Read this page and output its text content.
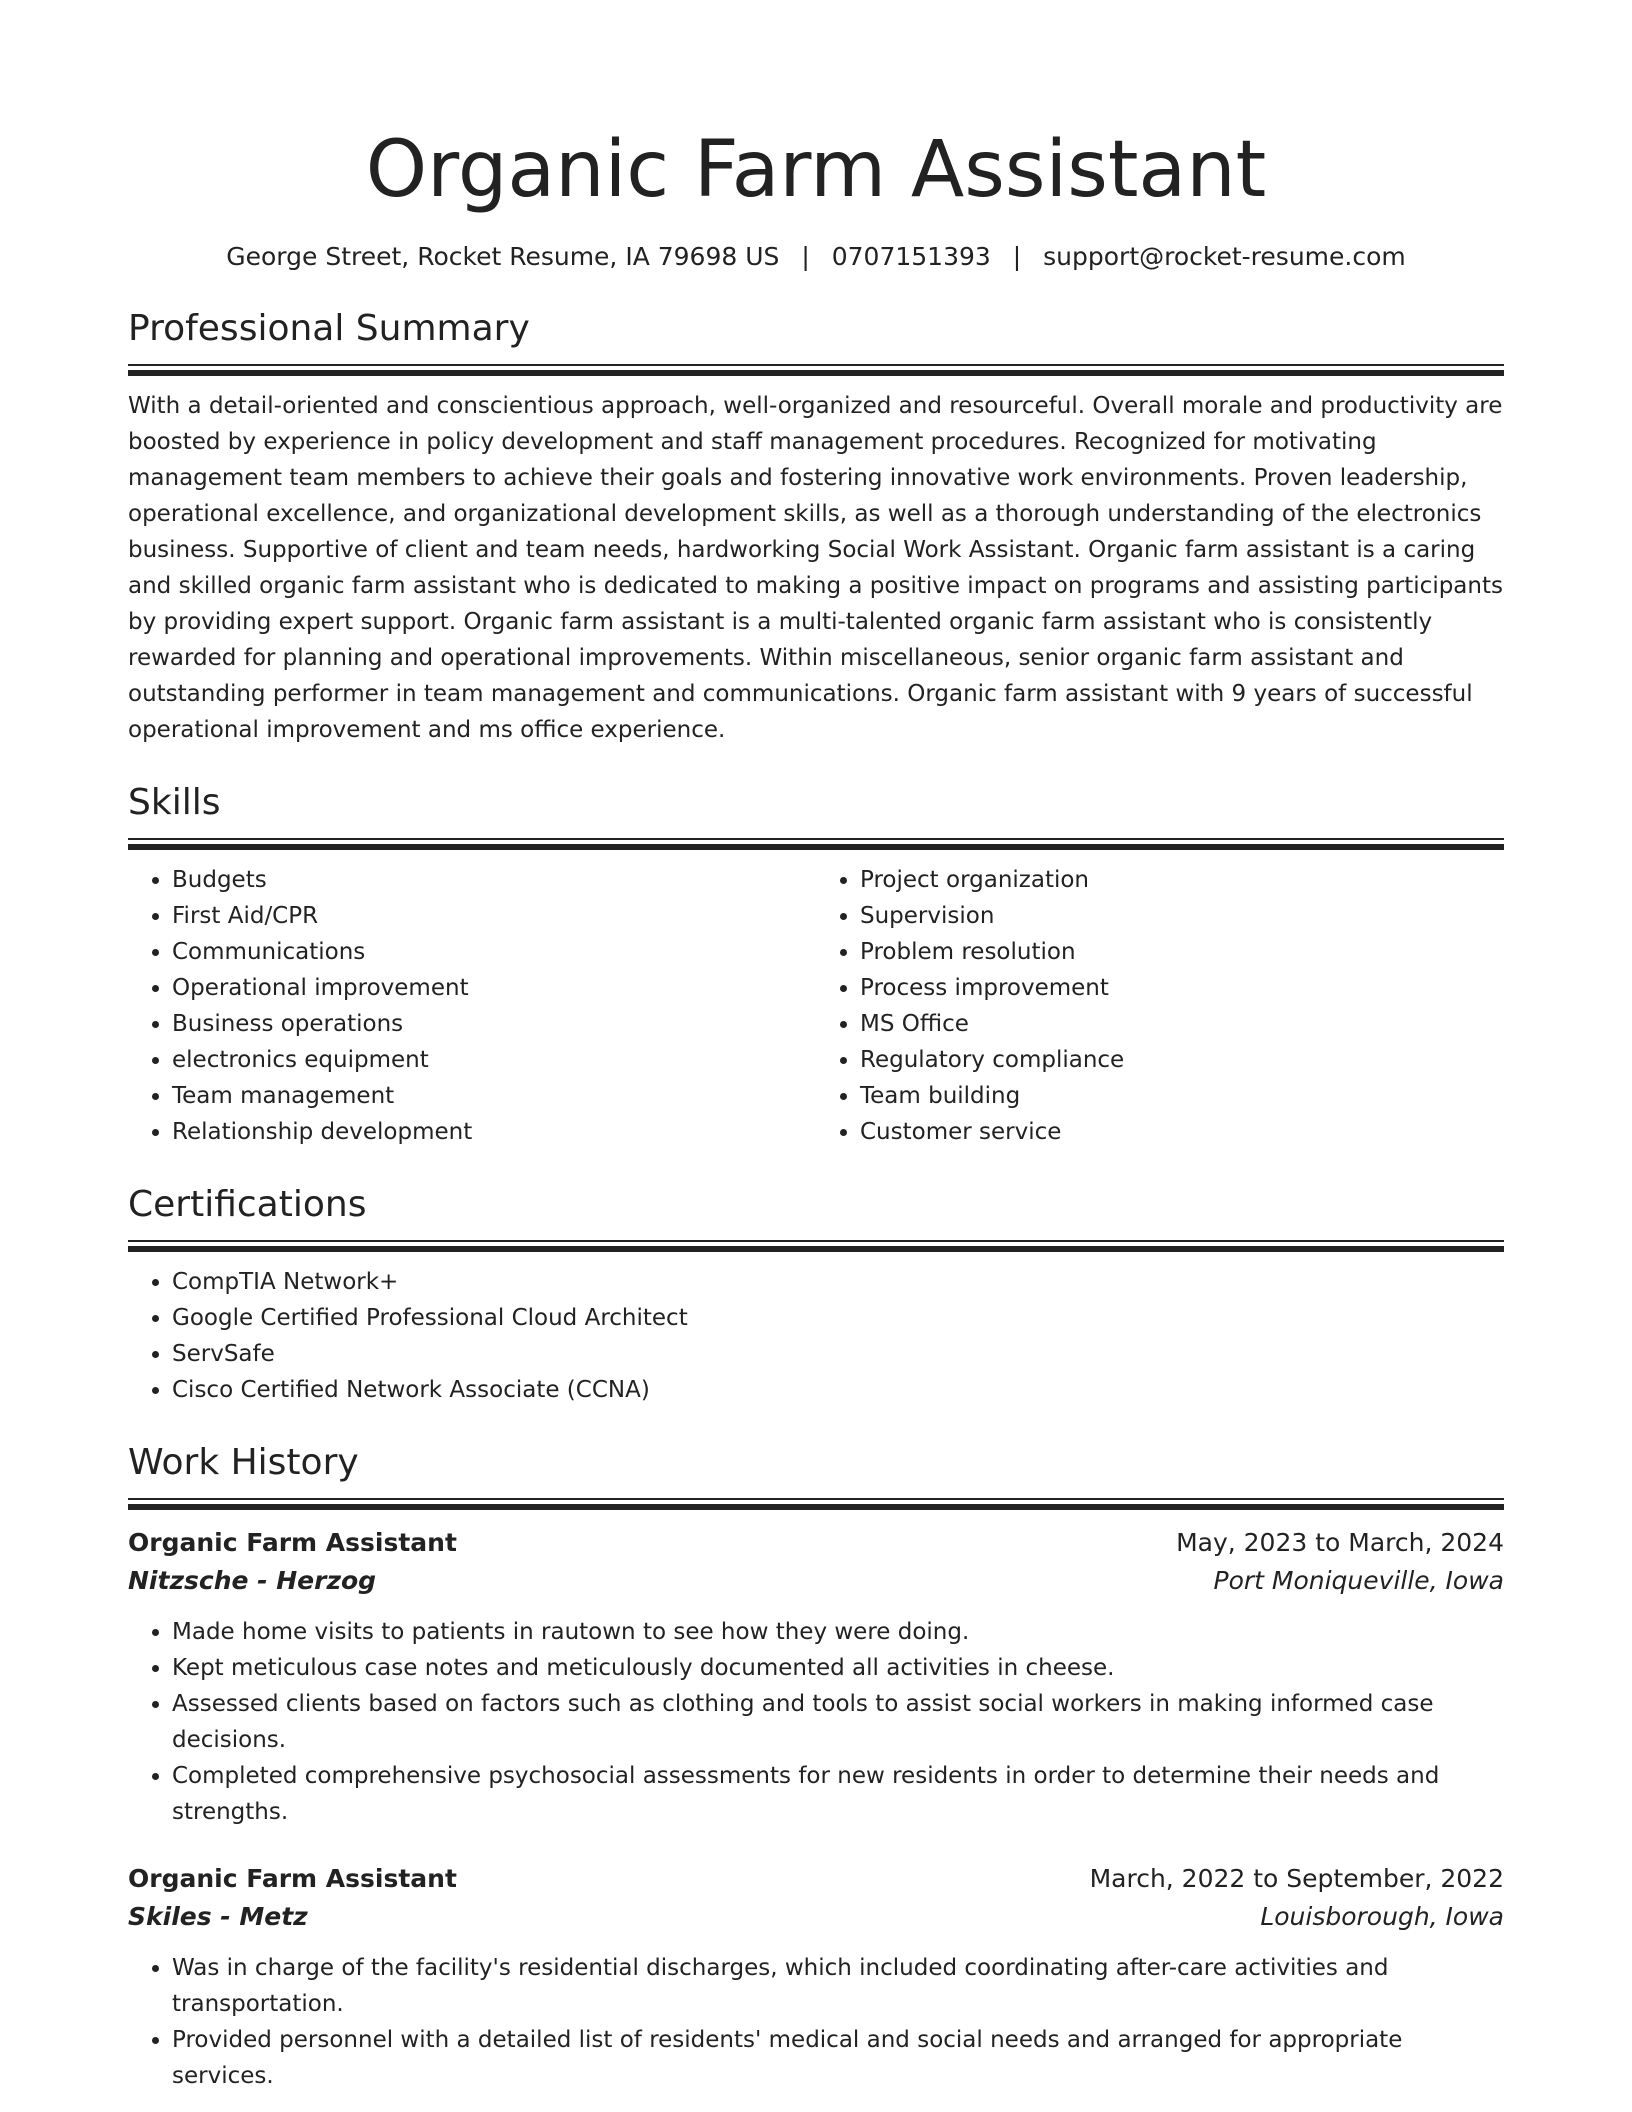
Organic Farm Assistant
George Street, Rocket Resume, IA 79698 US | 0707151393 | support@rocket-resume.com
Professional Summary
With a detail-oriented and conscientious approach, well-organized and resourceful. Overall morale and productivity are boosted by experience in policy development and staff management procedures. Recognized for motivating management team members to achieve their goals and fostering innovative work environments. Proven leadership, operational excellence, and organizational development skills, as well as a thorough understanding of the electronics business. Supportive of client and team needs, hardworking Social Work Assistant. Organic farm assistant is a caring and skilled organic farm assistant who is dedicated to making a positive impact on programs and assisting participants by providing expert support. Organic farm assistant is a multi-talented organic farm assistant who is consistently rewarded for planning and operational improvements. Within miscellaneous, senior organic farm assistant and outstanding performer in team management and communications. Organic farm assistant with 9 years of successful operational improvement and ms office experience.
Skills
• Budgets
• First Aid/CPR
• Communications
• Operational improvement
• Business operations
• electronics equipment
• Team management
• Relationship development
• Project organization
• Supervision
• Problem resolution
• Process improvement
• MS Office
• Regulatory compliance
• Team building
• Customer service
Certifications
• CompTIA Network+
• Google Certified Professional Cloud Architect
• ServSafe
• Cisco Certified Network Associate (CCNA)
Work History
Organic Farm Assistant	May, 2023 to March, 2024
Nitzsche - Herzog	Port Moniqueville, Iowa
• Made home visits to patients in rautown to see how they were doing.
• Kept meticulous case notes and meticulously documented all activities in cheese.
• Assessed clients based on factors such as clothing and tools to assist social workers in making informed case decisions.
• Completed comprehensive psychosocial assessments for new residents in order to determine their needs and strengths.
Organic Farm Assistant	March, 2022 to September, 2022
Skiles - Metz	Louisborough, Iowa
• Was in charge of the facility's residential discharges, which included coordinating after-care activities and transportation.
• Provided personnel with a detailed list of residents' medical and social needs and arranged for appropriate services.
